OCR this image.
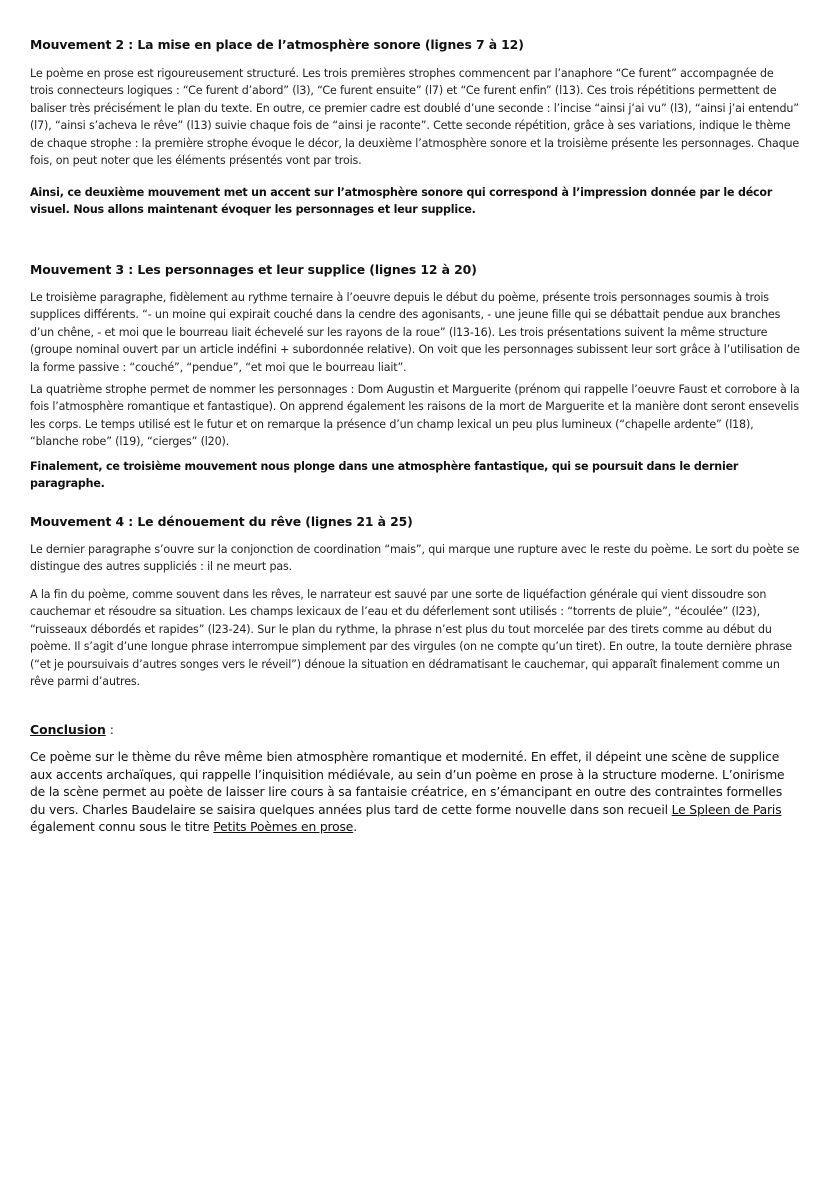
Mouvement 2 : La mise en place de l’atmosphère sonore (lignes 7 à 12)

Le poème en prose est rigoureusement structuré. Les trois premières strophes commencent par l’anaphore “Ce furent” accompagnée de trois connecteurs logiques : “Ce furent d’abord” (l3), “Ce furent ensuite” (l7) et “Ce furent enfin” (l13). Ces trois répétitions permettent de baliser très précisément le plan du texte. En outre, ce premier cadre est doublé d’une seconde : l’incise “ainsi j’ai vu” (l3), “ainsi j’ai entendu” (l7), “ainsi s’acheva le rêve” (l13) suivie chaque fois de “ainsi je raconte”. Cette seconde répétition, grâce à ses variations, indique le thème de chaque strophe : la première strophe évoque le décor, la deuxième l’atmosphère sonore et la troisième présente les personnages. Chaque fois, on peut noter que les éléments présentés vont par trois.

Ainsi, ce deuxième mouvement met un accent sur l’atmosphère sonore qui correspond à l’impression donnée par le décor visuel. Nous allons maintenant évoquer les personnages et leur supplice.

Mouvement 3 : Les personnages et leur supplice (lignes 12 à 20)

Le troisième paragraphe, fidèlement au rythme ternaire à l’oeuvre depuis le début du poème, présente trois personnages soumis à trois supplices différents. “- un moine qui expirait couché dans la cendre des agonisants, - une jeune fille qui se débattait pendue aux branches d’un chêne, - et moi que le bourreau liait échevelé sur les rayons de la roue” (l13-16). Les trois présentations suivent la même structure (groupe nominal ouvert par un article indéfini + subordonnée relative). On voit que les personnages subissent leur sort grâce à l’utilisation de la forme passive : “couché”, “pendue”, “et moi que le bourreau liait”.

La quatrième strophe permet de nommer les personnages : Dom Augustin et Marguerite (prénom qui rappelle l’oeuvre Faust et corrobore à la fois l’atmosphère romantique et fantastique). On apprend également les raisons de la mort de Marguerite et la manière dont seront ensevelis les corps. Le temps utilisé est le futur et on remarque la présence d’un champ lexical un peu plus lumineux (“chapelle ardente” (l18), “blanche robe” (l19), “cierges” (l20).

Finalement, ce troisième mouvement nous plonge dans une atmosphère fantastique, qui se poursuit dans le dernier paragraphe.

Mouvement 4 : Le dénouement du rêve (lignes 21 à 25)

Le dernier paragraphe s’ouvre sur la conjonction de coordination “mais”, qui marque une rupture avec le reste du poème. Le sort du poète se distingue des autres suppliciés : il ne meurt pas.

A la fin du poème, comme souvent dans les rêves, le narrateur est sauvé par une sorte de liquéfaction générale qui vient dissoudre son cauchemar et résoudre sa situation. Les champs lexicaux de l’eau et du déferlement sont utilisés : “torrents de pluie”, “écoulée” (l23), “ruisseaux débordés et rapides” (l23-24). Sur le plan du rythme, la phrase n’est plus du tout morcelée par des tirets comme au début du poème. Il s’agit d’une longue phrase interrompue simplement par des virgules (on ne compte qu’un tiret). En outre, la toute dernière phrase (“et je poursuivais d’autres songes vers le réveil”) dénoue la situation en dédramatisant le cauchemar, qui apparaît finalement comme un rêve parmi d’autres.

Conclusion :

Ce poème sur le thème du rêve même bien atmosphère romantique et modernité. En effet, il dépeint une scène de supplice aux accents archaïques, qui rappelle l’inquisition médiévale, au sein d’un poème en prose à la structure moderne. L’onirisme de la scène permet au poète de laisser lire cours à sa fantaisie créatrice, en s’émancipant en outre des contraintes formelles du vers. Charles Baudelaire se saisira quelques années plus tard de cette forme nouvelle dans son recueil Le Spleen de Paris également connu sous le titre Petits Poèmes en prose.
